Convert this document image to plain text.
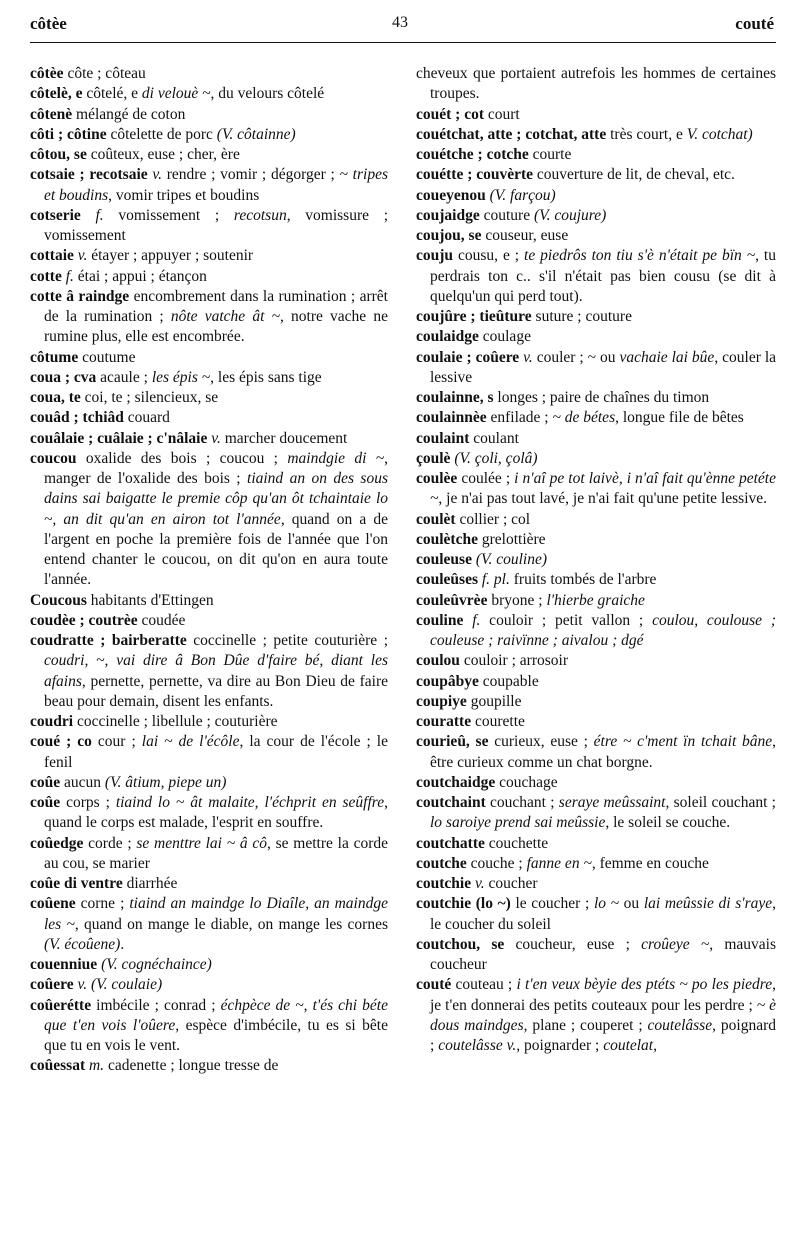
côtèe	43	couté
côtèe côte ; côteau
côtelè, e côtelé, e di velouè ~, du velours côtelé
côtenè mélangé de coton
côti ; côtine côtelette de porc (V. côtainne)
côtou, se coûteux, euse ; cher, ère
cotsaie ; recotsaie v. rendre ; vomir ; dégorger ; ~ tripes et boudins, vomir tripes et boudins
cotserie f. vomissement ; recotsun, vomissure ; vomissement
cottaie v. étayer ; appuyer ; soutenir
cotte f. étai ; appui ; étançon
cotte â raindge encombrement dans la rumination ; arrêt de la rumination ; nôte vatche ât ~, notre vache ne rumine plus, elle est encombrée.
côtume coutume
coua ; cva acaule ; les épis ~, les épis sans tige
coua, te coi, te ; silencieux, se
couâd ; tchiâd couard
couâlaie ; cuâlaie ; c'nâlaie v. marcher doucement
coucou oxalide des bois ; coucou ; maindgie di ~, manger de l'oxalide des bois ; tiaind an on des sous dains sai baigatte le premie côp qu'an ôt tchaintaie lo ~, an dit qu'an en airon tot l'année, quand on a de l'argent en poche la première fois de l'année que l'on entend chanter le coucou, on dit qu'on en aura toute l'année.
Coucous habitants d'Ettingen
coudèe ; coutrèe coudée
coudratte ; bairberatte coccinelle ; petite couturière ; coudri, ~, vai dire â Bon Dûe d'faire bé, diant les afains, pernette, pernette, va dire au Bon Dieu de faire beau pour demain, disent les enfants.
coudri coccinelle ; libellule ; couturière
coué ; co cour ; lai ~ de l'écôle, la cour de l'école ; le fenil
coûe aucun (V. âtium, piepe un)
coûe corps ; tiaind lo ~ ât malaite, l'échprit en seûffre, quand le corps est malade, l'esprit en souffre.
coûedge corde ; se menttre lai ~ â cô, se mettre la corde au cou, se marier
coûe di ventre diarrhée
coûene corne ; tiaind an maindge lo Diaîle, an maindge les ~, quand on mange le diable, on mange les cornes (V. écoûene).
couenniue (V. cognéchaince)
coûere v. (V. coulaie)
coûerétte imbécile ; conrad ; échpèce de ~, t'és chi béte que t'en vois l'oûere, espèce d'imbécile, tu es si bête que tu en vois le vent.
coûessat m. cadenette ; longue tresse de
cheveux que portaient autrefois les hommes de certaines troupes.
couét ; cot court
couétchat, atte ; cotchat, atte très court, e V. cotchat)
couétche ; cotche courte
couétte ; couvèrte couverture de lit, de cheval, etc.
coueyenou (V. farçou)
coujaidge couture (V. coujure)
coujou, se couseur, euse
couju cousu, e ; te piedrôs ton tiu s'è n'était pe bïn ~, tu perdrais ton c.. s'il n'était pas bien cousu (se dit à quelqu'un qui perd tout).
coujûre ; tieûture suture ; couture
coulaidge coulage
coulaie ; coûere v. couler ; ~ ou vachaie lai bûe, couler la lessive
coulainne, s longes ; paire de chaînes du timon
coulainnèe enfilade ; ~ de bétes, longue file de bêtes
coulaint coulant
çoulè (V. çoli, çolâ)
coulèe coulée ; i n'aî pe tot laivè, i n'aî fait qu'ènne petéte ~, je n'ai pas tout lavé, je n'ai fait qu'une petite lessive.
coulèt collier ; col
coulètche grelottière
couleuse (V. couline)
couleûses f. pl. fruits tombés de l'arbre
couleûvrèe bryone ; l'hierbe graiche
couline f. couloir ; petit vallon ; coulou, coulouse ; couleuse ; raivïnne ; aivalou ; dgé
coulou couloir ; arrosoir
coupâbye coupable
coupiye goupille
couratte courette
courieû, se curieux, euse ; étre ~ c'ment ïn tchait bâne, être curieux comme un chat borgne.
coutchaidge couchage
coutchaint couchant ; seraye meûssaint, soleil couchant ; lo saroiye prend sai meûssie, le soleil se couche.
coutchatte couchette
coutche couche ; fanne en ~, femme en couche
coutchie v. coucher
coutchie (lo ~) le coucher ; lo ~ ou lai meûssie di s'raye, le coucher du soleil
coutchou, se coucheur, euse ; croûeye ~, mauvais coucheur
couté couteau ; i t'en veux bèyie des ptéts ~ po les piedre, je t'en donnerai des petits couteaux pour les perdre ; ~ è dous maindges, plane ; couperet ; coutelâsse, poignard ; coutelâsse v., poignarder ; coutelat,
